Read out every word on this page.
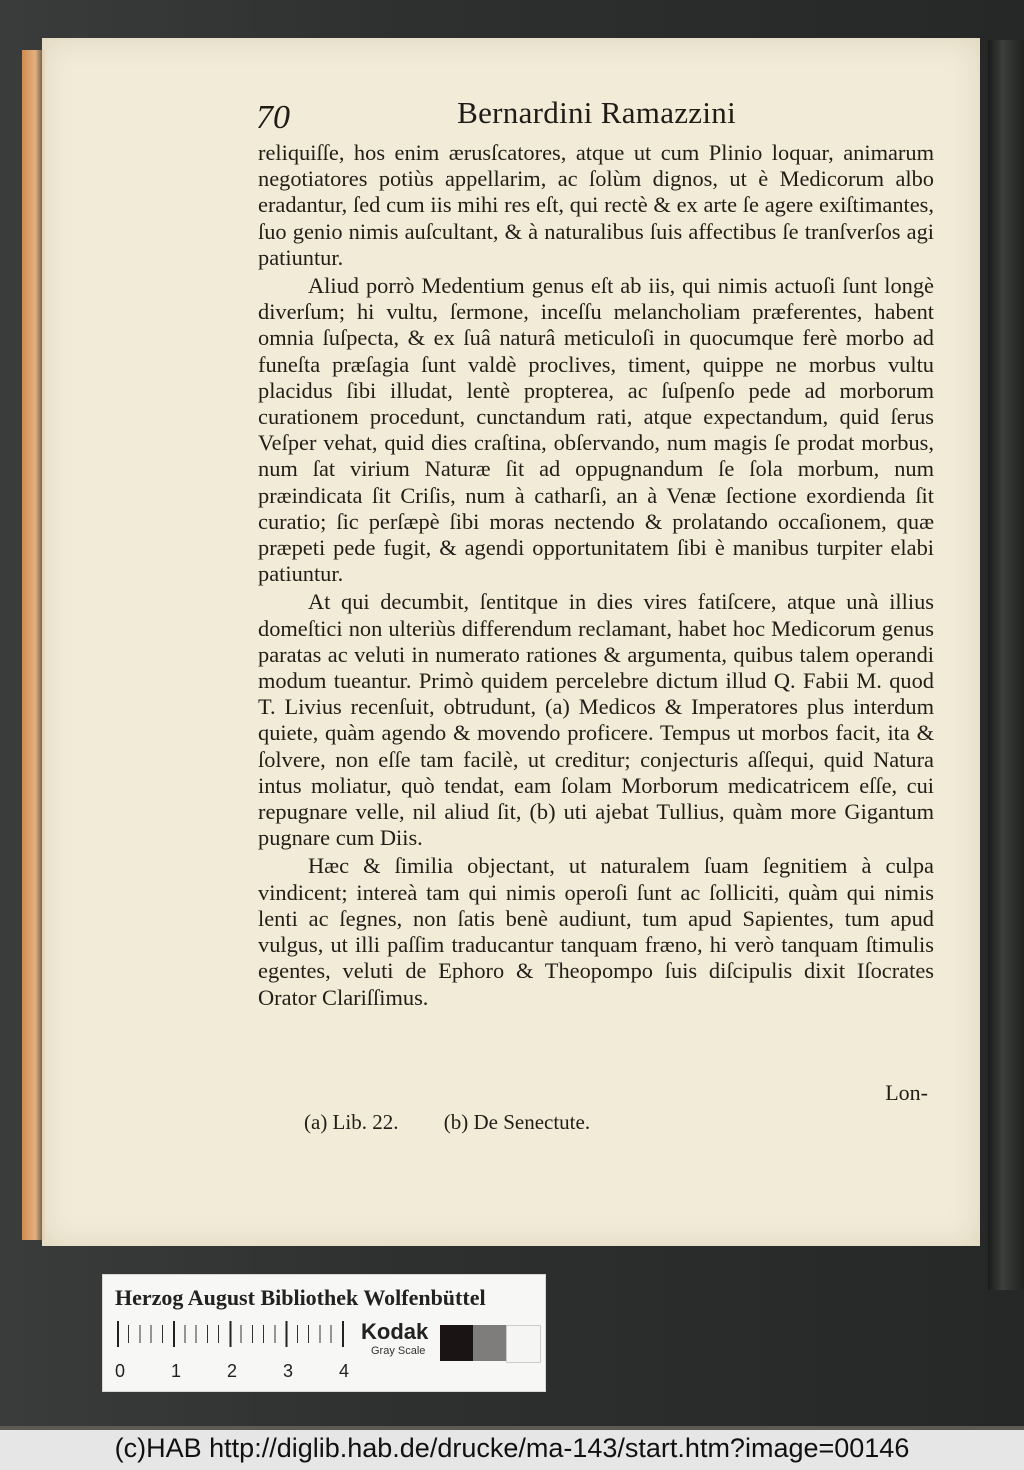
70	Bernardini Ramazzini

reliquiſſe, hos enim ærusſcatores, atque ut cum Plinio loquar, animarum negotiatores potiùs appellarim, ac ſolùm dignos, ut è Medicorum albo eradantur, ſed cum iis mihi res eſt, qui rectè & ex arte ſe agere exiſtimantes, ſuo genio nimis auſcultant, & à naturalibus ſuis affectibus ſe tranſverſos agi patiuntur.

Aliud porrò Medentium genus eſt ab iis, qui nimis actuoſi ſunt longè diverſum; hi vultu, ſermone, inceſſu melancholiam præferentes, habent omnia ſuſpecta, & ex ſuâ naturâ meticuloſi in quocumque ferè morbo ad funeſta præſagia ſunt valdè proclives, timent, quippe ne morbus vultu placidus ſibi illudat, lentè propterea, ac ſuſpenſo pede ad morborum curationem procedunt, cunctandum rati, atque expectandum, quid ſerus Veſper vehat, quid dies craſtina, obſervando, num magis ſe prodat morbus, num ſat virium Naturæ ſit ad oppugnandum ſe ſola morbum, num præindicata ſit Criſis, num à catharſi, an à Venæ ſectione exordienda ſit curatio; ſic perſæpè ſibi moras nectendo & prolatando occaſionem, quæ præpeti pede fugit, & agendi opportunitatem ſibi è manibus turpiter elabi patiuntur.

At qui decumbit, ſentitque in dies vires fatiſcere, atque unà illius domeſtici non ulteriùs differendum reclamant, habet hoc Medicorum genus paratas ac veluti in numerato rationes & argumenta, quibus talem operandi modum tueantur. Primò quidem percelebre dictum illud Q. Fabii M. quod T. Livius recenſuit, obtrudunt, (a) Medicos & Imperatores plus interdum quiete, quàm agendo & movendo proficere. Tempus ut morbos facit, ita & ſolvere, non eſſe tam facilè, ut creditur; conjecturis aſſequi, quid Natura intus moliatur, quò tendat, eam ſolam Morborum medicatricem eſſe, cui repugnare velle, nil aliud ſit, (b) uti ajebat Tullius, quàm more Gigantum pugnare cum Diis.

Hæc & ſimilia objectant, ut naturalem ſuam ſegnitiem à culpa vindicent; intereà tam qui nimis operoſi ſunt ac ſolliciti, quàm qui nimis lenti ac ſegnes, non ſatis benè audiunt, tum apud Sapientes, tum apud vulgus, ut illi paſſim traducantur tanquam fræno, hi verò tanquam ſtimulis egentes, veluti de Ephoro & Theopompo ſuis diſcipulis dixit Iſocrates Orator Clariſſimus.

Lon-
(a) Lib. 22. (b) De Senectute.
Herzog August Bibliothek Wolfenbüttel
0	1	2	3	4
Kodak
Gray Scale
(c)HAB http://diglib.hab.de/drucke/ma-143/start.htm?image=00146
